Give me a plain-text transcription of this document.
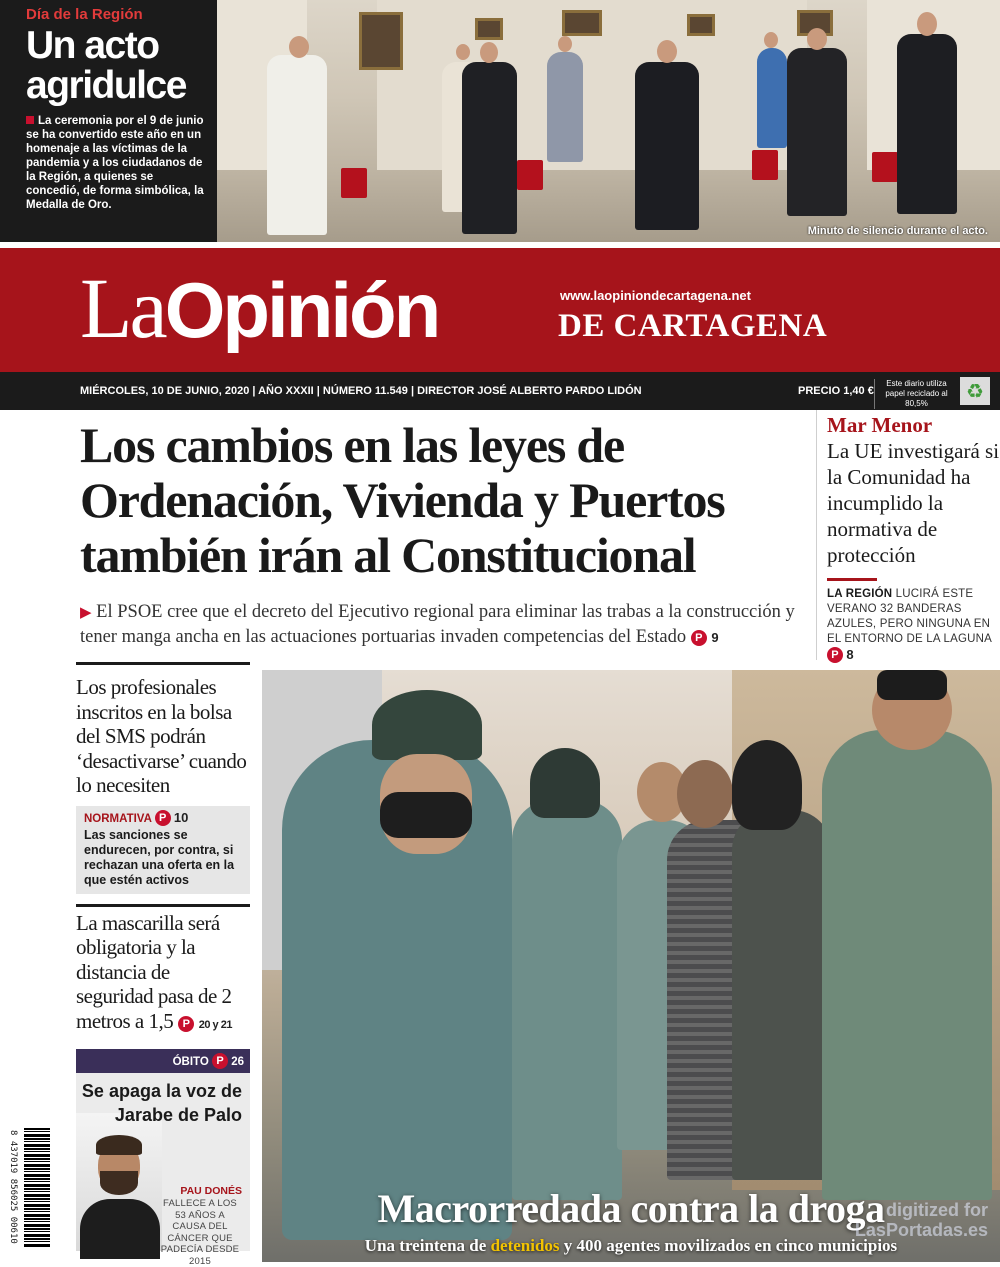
Día de la Región
Un acto agridulce
La ceremonia por el 9 de junio se ha convertido este año en un homenaje a las víctimas de la pandemia y a los ciudadanos de la Región, a quienes se concedió, de forma simbólica, la Medalla de Oro.
Minuto de silencio durante el acto.
LaOpinión	www.laopiniondecartagena.net
DE CARTAGENA
MIÉRCOLES, 10 DE JUNIO, 2020 | AÑO XXXII | NÚMERO 11.549 | DIRECTOR JOSÉ ALBERTO PARDO LIDÓN	PRECIO 1,40 €
Este diario utiliza papel reciclado al 80,5%
♻
Los cambios en las leyes de Ordenación, Vivienda y Puertos también irán al Constitucional

▶ El PSOE cree que el decreto del Ejecutivo regional para eliminar las trabas a la construcción y tener manga ancha en las actuaciones portuarias invaden competencias del Estado P 9

Mar Menor
La UE investigará si la Comunidad ha incumplido la normativa de protección
LA REGIÓN LUCIRÁ ESTE VERANO 32 BANDERAS AZULES, PERO NINGUNA EN EL ENTORNO DE LA LAGUNA P 8
Los profesionales inscritos en la bolsa del SMS podrán ‘desactivarse’ cuando lo necesiten
NORMATIVA P 10
Las sanciones se endurecen, por contra, si rechazan una oferta en la que estén activos
La mascarilla será obligatoria y la distancia de seguridad pasa de 2 metros a 1,5 P 20 y 21
ÓBITO P 26
Se apaga la voz de Jarabe de Palo
PAU DONÉS
FALLECE A LOS 53 AÑOS A CAUSA DEL CÁNCER QUE PADECÍA DESDE 2015
8 437019 856025 00610	Macrorredada contra la droga
Una treintena de detenidos y 400 agentes movilizados en cinco municipios
digitized for
LasPortadas.es
